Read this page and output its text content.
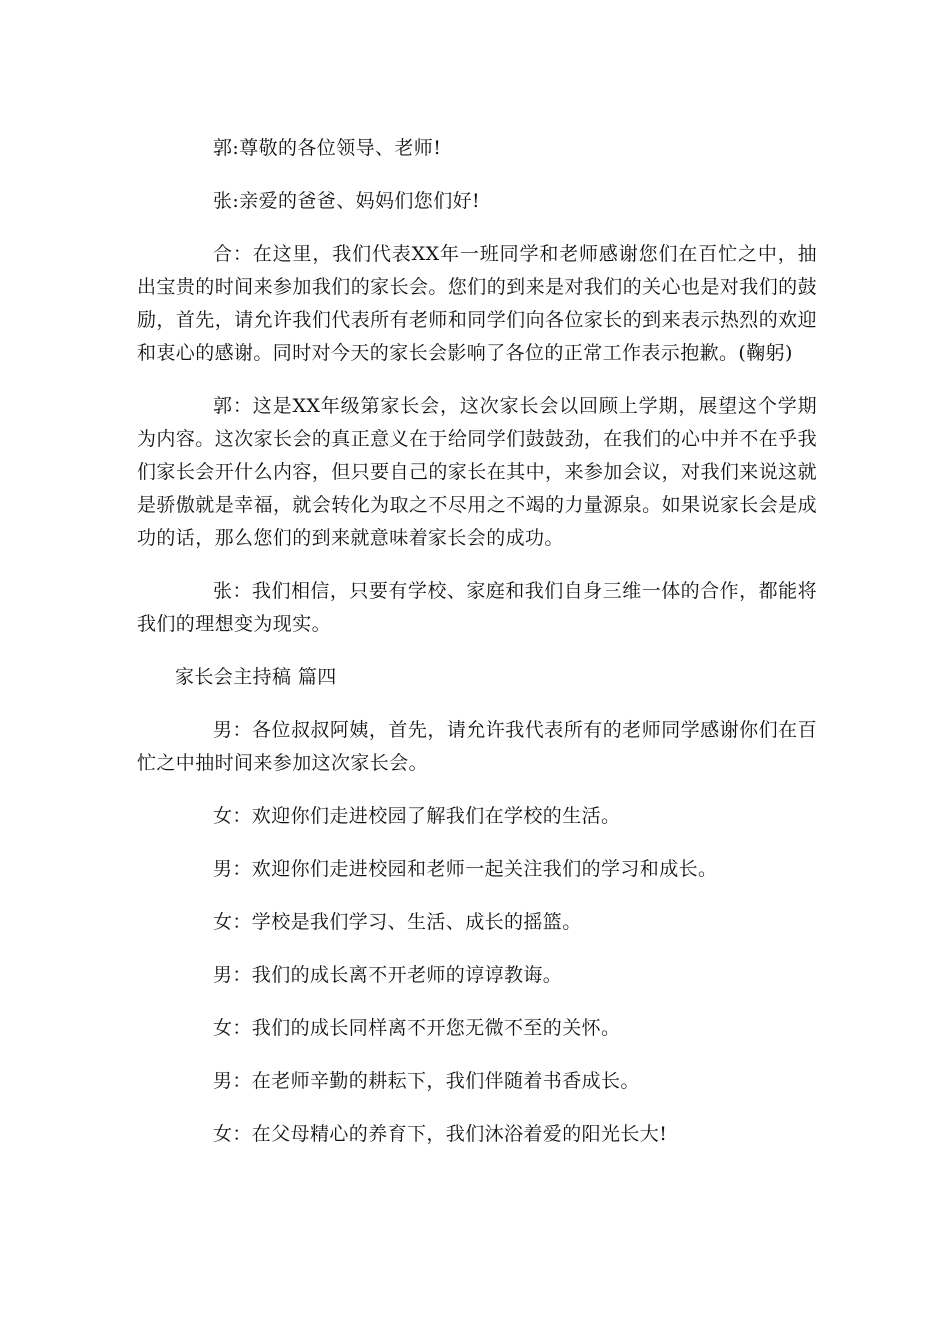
郭:尊敬的各位领导、老师!

张:亲爱的爸爸、妈妈们您们好!

合：在这里，我们代表XX年一班同学和老师感谢您们在百忙之中，抽出宝贵的时间来参加我们的家长会。您们的到来是对我们的关心也是对我们的鼓励，首先，请允许我们代表所有老师和同学们向各位家长的到来表示热烈的欢迎和衷心的感谢。同时对今天的家长会影响了各位的正常工作表示抱歉。(鞠躬)

郭：这是XX年级第家长会，这次家长会以回顾上学期，展望这个学期为内容。这次家长会的真正意义在于给同学们鼓鼓劲，在我们的心中并不在乎我们家长会开什么内容，但只要自己的家长在其中，来参加会议，对我们来说这就是骄傲就是幸福，就会转化为取之不尽用之不竭的力量源泉。如果说家长会是成功的话，那么您们的到来就意味着家长会的成功。

张：我们相信，只要有学校、家庭和我们自身三维一体的合作，都能将我们的理想变为现实。

家长会主持稿 篇四

男：各位叔叔阿姨，首先，请允许我代表所有的老师同学感谢你们在百忙之中抽时间来参加这次家长会。

女：欢迎你们走进校园了解我们在学校的生活。

男：欢迎你们走进校园和老师一起关注我们的学习和成长。

女：学校是我们学习、生活、成长的摇篮。

男：我们的成长离不开老师的谆谆教诲。

女：我们的成长同样离不开您无微不至的关怀。

男：在老师辛勤的耕耘下，我们伴随着书香成长。

女：在父母精心的养育下，我们沐浴着爱的阳光长大!
